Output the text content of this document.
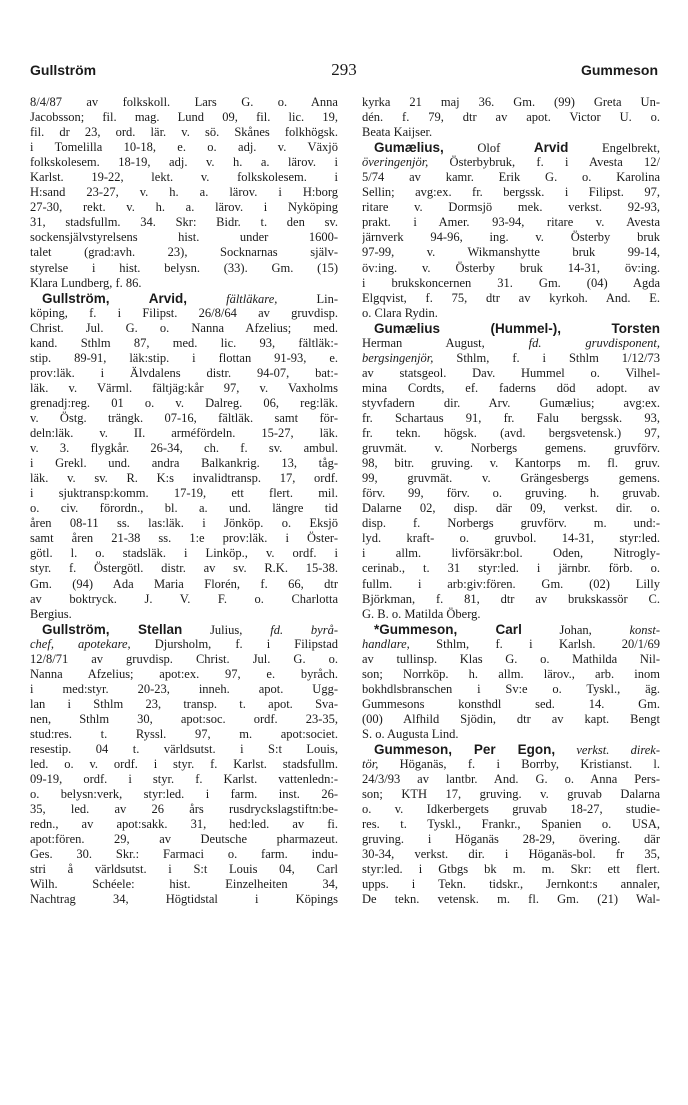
293
Gullström	Gummeson
8/4/87 av folkskoll. Lars G. o. Anna
Jacobsson; fil. mag. Lund 09, fil. lic. 19,
fil. dr 23, ord. lär. v. sö. Skånes folkhögsk.
i Tomelilla 10-18, e. o. adj. v. Växjö
folkskolesem. 18-19, adj. v. h. a. lärov. i
Karlst. 19-22, lekt. v. folkskolesem. i
H:sand 23-27, v. h. a. lärov. i H:borg
27-30, rekt. v. h. a. lärov. i Nyköping
31, stadsfullm. 34. Skr: Bidr. t. den sv.
sockensjälvstyrelsens hist. under 1600-
talet (grad:avh. 23), Socknarnas själv-
styrelse i hist. belysn. (33). Gm. (15)
Klara Lundberg, f. 86.
Gullström, Arvid, fältläkare, Lin-
köping, f. i Filipst. 26/8/64 av gruvdisp.
Christ. Jul. G. o. Nanna Afzelius; med.
kand. Sthlm 87, med. lic. 93, fältläk:-
stip. 89-91, läk:stip. i flottan 91-93, e.
prov:läk. i Älvdalens distr. 94-07, bat:-
läk. v. Värml. fältjäg:kår 97, v. Vaxholms
grenadj:reg. 01 o. v. Dalreg. 06, reg:läk.
v. Östg. trängk. 07-16, fältläk. samt för-
deln:läk. v. II. arméfördeln. 15-27, läk.
v. 3. flygkår. 26-34, ch. f. sv. ambul.
i Grekl. und. andra Balkankrig. 13, tåg-
läk. v. sv. R. K:s invalidtransp. 17, ordf.
i sjuktransp:komm. 17-19, ett flert. mil.
o. civ. förordn., bl. a. und. längre tid
åren 08-11 ss. las:läk. i Jönköp. o. Eksjö
samt åren 21-38 ss. 1:e prov:läk. i Öster-
götl. l. o. stadsläk. i Linköp., v. ordf. i
styr. f. Östergötl. distr. av sv. R.K. 15-38.
Gm. (94) Ada Maria Florén, f. 66, dtr
av boktryck. J. V. F. o. Charlotta
Bergius.
Gullström, Stellan Julius, fd. byrå-
chef, apotekare, Djursholm, f. i Filipstad
12/8/71 av gruvdisp. Christ. Jul. G. o.
Nanna Afzelius; apot:ex. 97, e. byråch.
i med:styr. 20-23, inneh. apot. Ugg-
lan i Sthlm 23, transp. t. apot. Sva-
nen, Sthlm 30, apot:soc. ordf. 23-35,
stud:res. t. Ryssl. 97, m. apot:societ.
resestip. 04 t. världsutst. i S:t Louis,
led. o. v. ordf. i styr. f. Karlst. stadsfullm.
09-19, ordf. i styr. f. Karlst. vattenledn:-
o. belysn:verk, styr:led. i farm. inst. 26-
35, led. av 26 års rusdryckslagstiftn:be-
redn., av apot:sakk. 31, hed:led. av fi.
apot:fören. 29, av Deutsche pharmazeut.
Ges. 30. Skr.: Farmaci o. farm. indu-
stri å världsutst. i S:t Louis 04, Carl
Wilh. Schéele: hist. Einzelheiten 34,
Nachtrag 34, Högtidstal i Köpings
kyrka 21 maj 36. Gm. (99) Greta Un-
dén. f. 79, dtr av apot. Victor U. o.
Beata Kaijser.
Gumælius, Olof Arvid Engelbrekt,
överingenjör, Österbybruk, f. i Avesta 12/
5/74 av kamr. Erik G. o. Karolina
Sellin; avg:ex. fr. bergssk. i Filipst. 97,
ritare v. Dormsjö mek. verkst. 92-93,
prakt. i Amer. 93-94, ritare v. Avesta
järnverk 94-96, ing. v. Österby bruk
97-99, v. Wikmanshytte bruk 99-14,
öv:ing. v. Österby bruk 14-31, öv:ing.
i brukskoncernen 31. Gm. (04) Agda
Elgqvist, f. 75, dtr av kyrkoh. And. E.
o. Clara Rydin.
Gumælius (Hummel-), Torsten
Herman August, fd. gruvdisponent,
bergsingenjör, Sthlm, f. i Sthlm 1/12/73
av statsgeol. Dav. Hummel o. Vilhel-
mina Cordts, ef. faderns död adopt. av
styvfadern dir. Arv. Gumælius; avg:ex.
fr. Schartaus 91, fr. Falu bergssk. 93,
fr. tekn. högsk. (avd. bergsvetensk.) 97,
gruvmät. v. Norbergs gemens. gruvförv.
98, bitr. gruving. v. Kantorps m. fl. gruv.
99, gruvmät. v. Grängesbergs gemens.
förv. 99, förv. o. gruving. h. gruvab.
Dalarne 02, disp. där 09, verkst. dir. o.
disp. f. Norbergs gruvförv. m. und:-
lyd. kraft- o. gruvbol. 14-31, styr:led.
i allm. livförsäkr:bol. Oden, Nitrogly-
cerinab., t. 31 styr:led. i järnbr. förb. o.
fullm. i arb:giv:fören. Gm. (02) Lilly
Björkman, f. 81, dtr av brukskassör C.
G. B. o. Matilda Öberg.
*Gummeson, Carl Johan, konst-
handlare, Sthlm, f. i Karlsh. 20/1/69
av tullinsp. Klas G. o. Mathilda Nil-
son; Norrköp. h. allm. lärov., arb. inom
bokhdlsbranschen i Sv:e o. Tyskl., äg.
Gummesons konsthdl sed. 14. Gm.
(00) Alfhild Sjödin, dtr av kapt. Bengt
S. o. Augusta Lind.
Gummeson, Per Egon, verkst. direk-
tör, Höganäs, f. i Borrby, Kristianst. l.
24/3/93 av lantbr. And. G. o. Anna Pers-
son; KTH 17, gruving. v. gruvab Dalarna
o. v. Idkerbergets gruvab 18-27, studie-
res. t. Tyskl., Frankr., Spanien o. USA,
gruving. i Höganäs 28-29, övering. där
30-34, verkst. dir. i Höganäs-bol. fr 35,
styr:led. i Gtbgs bk m. m. Skr: ett flert.
upps. i Tekn. tidskr., Jernkont:s annaler,
De tekn. vetensk. m. fl. Gm. (21) Wal-
